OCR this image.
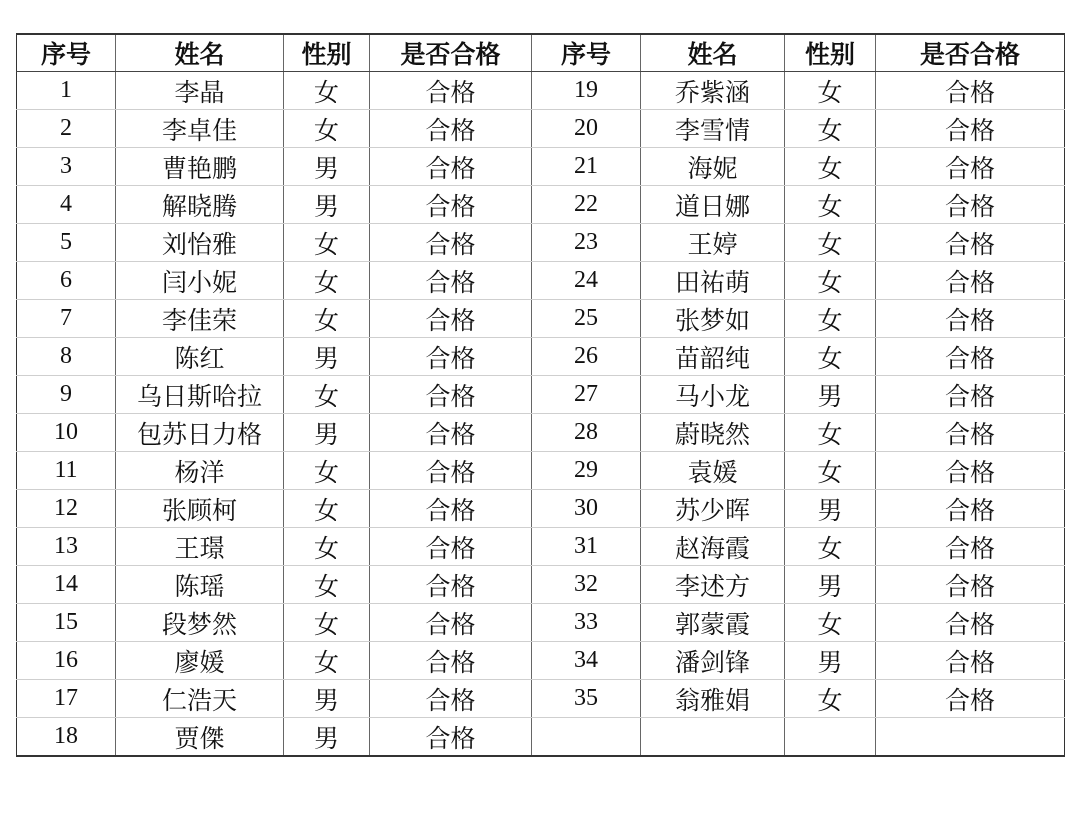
序号	姓名	性别	是否合格	序号	姓名	性别	是否合格
1	李晶	女	合格	19	乔紫涵	女	合格
2	李卓佳	女	合格	20	李雪情	女	合格
3	曹艳鹏	男	合格	21	海妮	女	合格
4	解晓腾	男	合格	22	道日娜	女	合格
5	刘怡雅	女	合格	23	王婷	女	合格
6	闫小妮	女	合格	24	田祐萌	女	合格
7	李佳荣	女	合格	25	张梦如	女	合格
8	陈红	男	合格	26	苗韶纯	女	合格
9	乌日斯哈拉	女	合格	27	马小龙	男	合格
10	包苏日力格	男	合格	28	蔚晓然	女	合格
11	杨洋	女	合格	29	袁媛	女	合格
12	张顾柯	女	合格	30	苏少晖	男	合格
13	王璟	女	合格	31	赵海霞	女	合格
14	陈瑶	女	合格	32	李述方	男	合格
15	段梦然	女	合格	33	郭蒙霞	女	合格
16	廖媛	女	合格	34	潘剑锋	男	合格
17	仁浩天	男	合格	35	翁雅娟	女	合格
18	贾傑	男	合格				
